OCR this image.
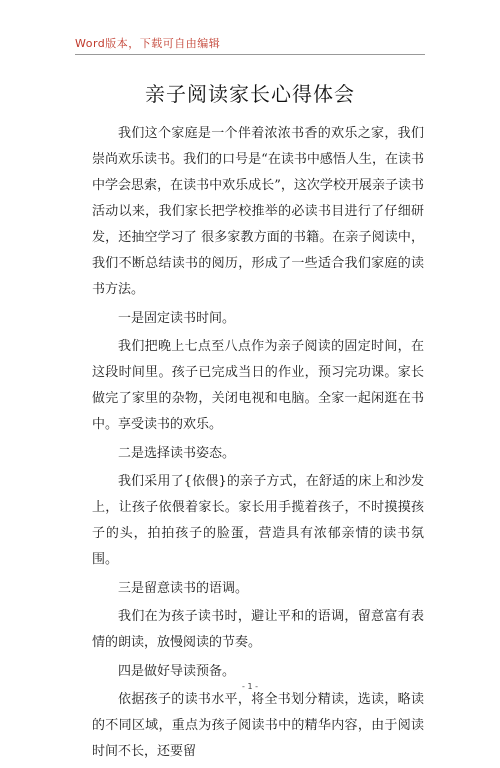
Word版本，下载可自由编辑
亲子阅读家长心得体会

我们这个家庭是一个伴着浓浓书香的欢乐之家，我们崇尚欢乐读书。我们的口号是“在读书中感悟人生，在读书中学会思索，在读书中欢乐成长”，这次学校开展亲子读书活动以来，我们家长把学校推举的必读书目进行了仔细研发，还抽空学习了 很多家教方面的书籍。在亲子阅读中，我们不断总结读书的阅历，形成了一些适合我们家庭的读书方法。

一是固定读书时间。

我们把晚上七点至八点作为亲子阅读的固定时间，在这段时间里。孩子已完成当日的作业，预习完功课。家长做完了家里的杂物，关闭电视和电脑。全家一起闲逛在书中。享受读书的欢乐。

二是选择读书姿态。

我们采用了{依偎}的亲子方式，在舒适的床上和沙发上，让孩子依偎着家长。家长用手揽着孩子，不时摸摸孩子的头，拍拍孩子的脸蛋，营造具有浓郁亲情的读书氛围。

三是留意读书的语调。

我们在为孩子读书时，避让平和的语调，留意富有表情的朗读，放慢阅读的节奏。

四是做好导读预备。

依据孩子的读书水平，将全书划分精读，选读，略读的不同区域，重点为孩子阅读书中的精华内容，由于阅读时间不长，还要留

- 1 -
